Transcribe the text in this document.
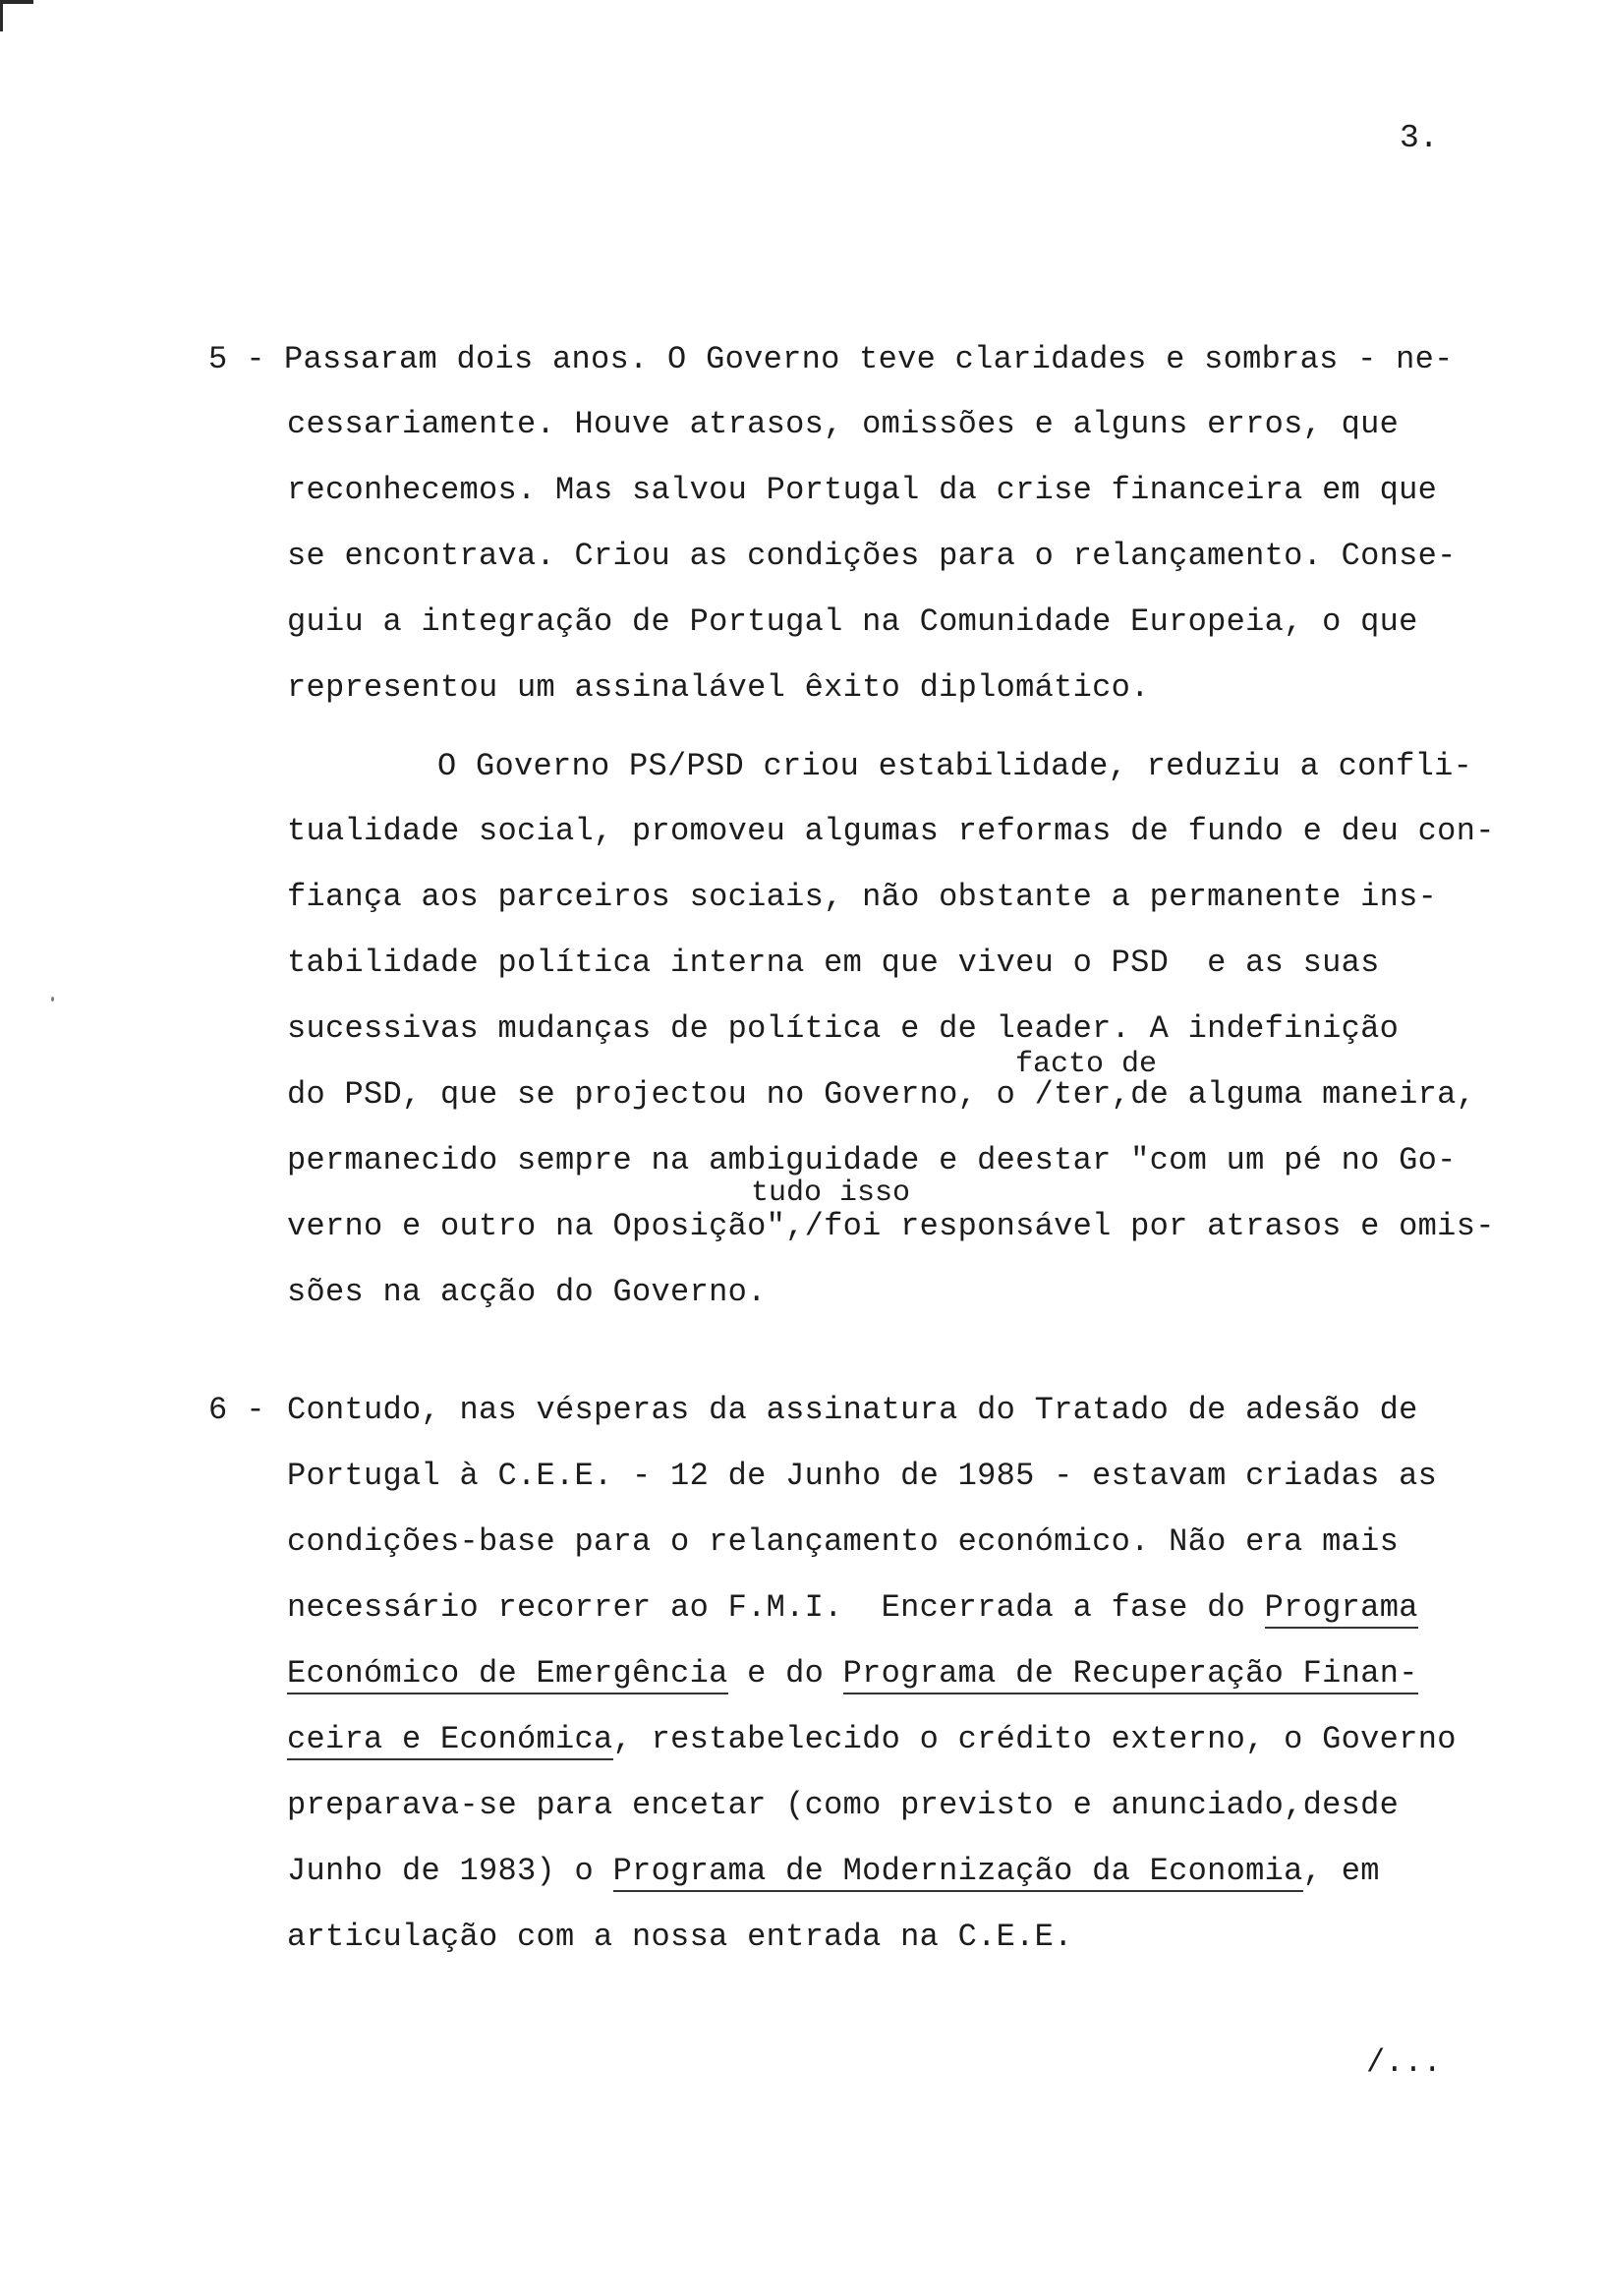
3.
5 - Passaram dois anos. O Governo teve claridades e sombras - ne-
cessariamente. Houve atrasos, omissões e alguns erros, que
reconhecemos. Mas salvou Portugal da crise financeira em que
se encontrava. Criou as condições para o relançamento. Conse-
guiu a integração de Portugal na Comunidade Europeia, o que
representou um assinalável êxito diplomático.
O Governo PS/PSD criou estabilidade, reduziu a confli-
tualidade social, promoveu algumas reformas de fundo e deu con-
fiança aos parceiros sociais, não obstante a permanente ins-
tabilidade política interna em que viveu o PSD  e as suas
sucessivas mudanças de política e de leader. A indefinição
facto de
do PSD, que se projectou no Governo, o /ter,de alguma maneira,
permanecido sempre na ambiguidade e deestar "com um pé no Go-
tudo isso
verno e outro na Oposição",/foi responsável por atrasos e omis-
sões na acção do Governo.
6 - Contudo, nas vésperas da assinatura do Tratado de adesão de
Portugal à C.E.E. - 12 de Junho de 1985 - estavam criadas as
condições-base para o relançamento económico. Não era mais
necessário recorrer ao F.M.I.  Encerrada a fase do Programa
Económico de Emergência e do Programa de Recuperação Finan-
ceira e Económica, restabelecido o crédito externo, o Governo
preparava-se para encetar (como previsto e anunciado,desde
Junho de 1983) o Programa de Modernização da Economia, em
articulação com a nossa entrada na C.E.E.
/...
